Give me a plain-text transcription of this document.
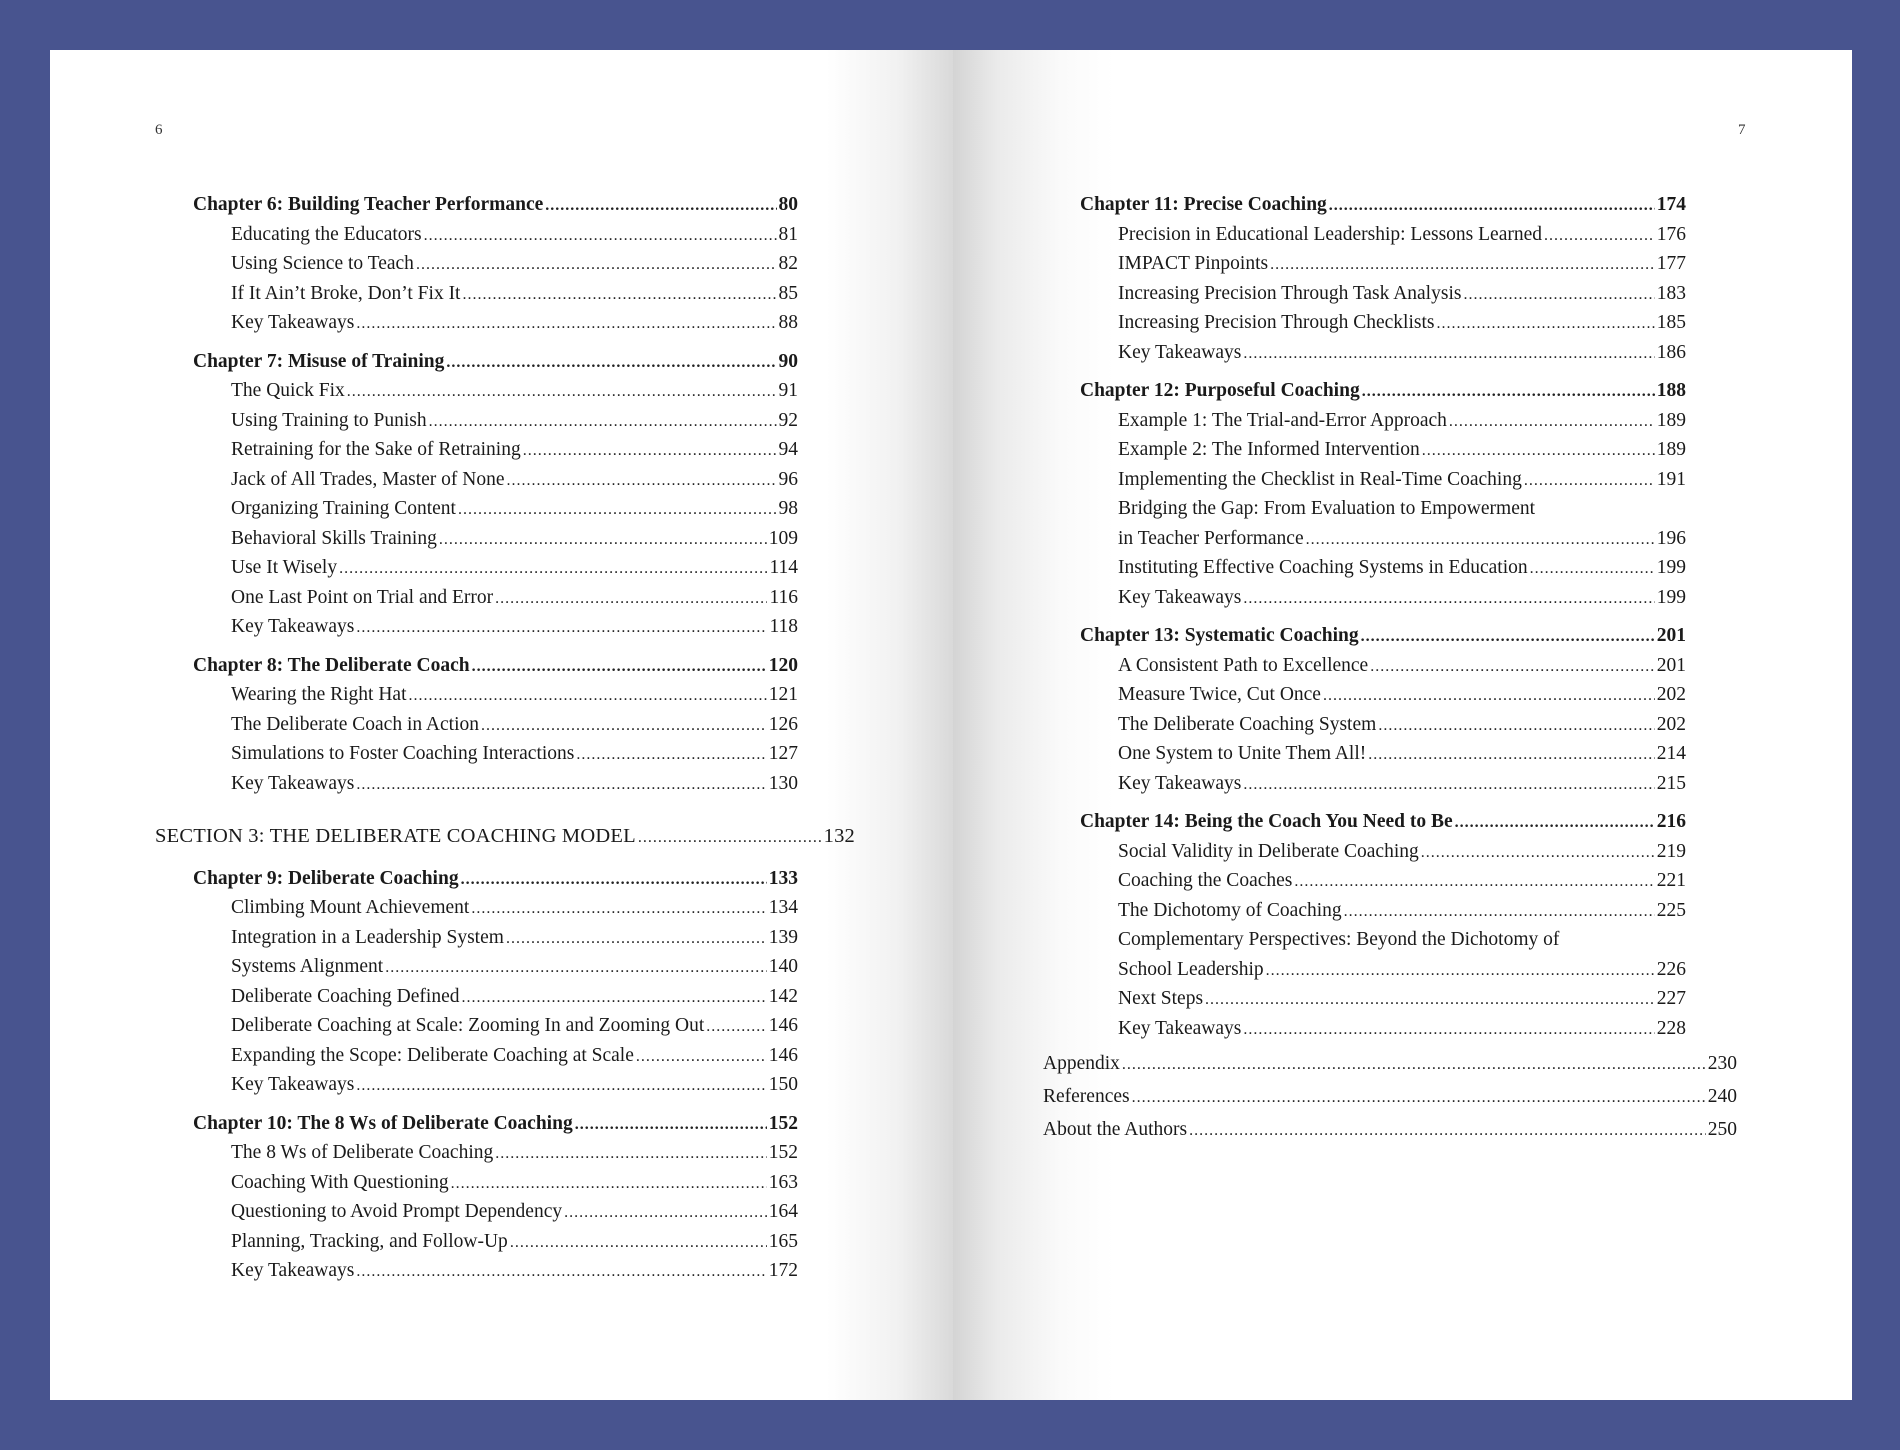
6
Chapter 6: Building Teacher Performance .....	80
Educating the Educators .....	81
Using Science to Teach .....	82
If It Ain’t Broke, Don’t Fix It .....	85
Key Takeaways .....	88
Chapter 7: Misuse of Training .....	90
The Quick Fix .....	91
Using Training to Punish .....	92
Retraining for the Sake of Retraining .....	94
Jack of All Trades, Master of None .....	96
Organizing Training Content .....	98
Behavioral Skills Training .....	109
Use It Wisely .....	114
One Last Point on Trial and Error .....	116
Key Takeaways .....	118
Chapter 8: The Deliberate Coach .....	120
Wearing the Right Hat .....	121
The Deliberate Coach in Action .....	126
Simulations to Foster Coaching Interactions .....	127
Key Takeaways .....	130
SECTION 3: THE DELIBERATE COACHING MODEL .....	132
Chapter 9: Deliberate Coaching .....	133
Climbing Mount Achievement .....	134
Integration in a Leadership System .....	139
Systems Alignment .....	140
Deliberate Coaching Defined .....	142
Deliberate Coaching at Scale: Zooming In and Zooming Out .....	146
Expanding the Scope: Deliberate Coaching at Scale .....	146
Key Takeaways .....	150
Chapter 10: The 8 Ws of Deliberate Coaching .....	152
The 8 Ws of Deliberate Coaching .....	152
Coaching With Questioning .....	163
Questioning to Avoid Prompt Dependency .....	164
Planning, Tracking, and Follow-Up .....	165
Key Takeaways .....	172
7
Chapter 11: Precise Coaching .....	174
Precision in Educational Leadership: Lessons Learned .....	176
IMPACT Pinpoints .....	177
Increasing Precision Through Task Analysis .....	183
Increasing Precision Through Checklists .....	185
Key Takeaways .....	186
Chapter 12: Purposeful Coaching .....	188
Example 1: The Trial-and-Error Approach .....	189
Example 2: The Informed Intervention .....	189
Implementing the Checklist in Real-Time Coaching .....	191
Bridging the Gap: From Evaluation to Empowerment
in Teacher Performance .....	196
Instituting Effective Coaching Systems in Education .....	199
Key Takeaways .....	199
Chapter 13: Systematic Coaching .....	201
A Consistent Path to Excellence .....	201
Measure Twice, Cut Once .....	202
The Deliberate Coaching System .....	202
One System to Unite Them All! .....	214
Key Takeaways .....	215
Chapter 14: Being the Coach You Need to Be .....	216
Social Validity in Deliberate Coaching .....	219
Coaching the Coaches .....	221
The Dichotomy of Coaching .....	225
Complementary Perspectives: Beyond the Dichotomy of
School Leadership .....	226
Next Steps .....	227
Key Takeaways .....	228
Appendix .....	230
References .....	240
About the Authors .....	250
